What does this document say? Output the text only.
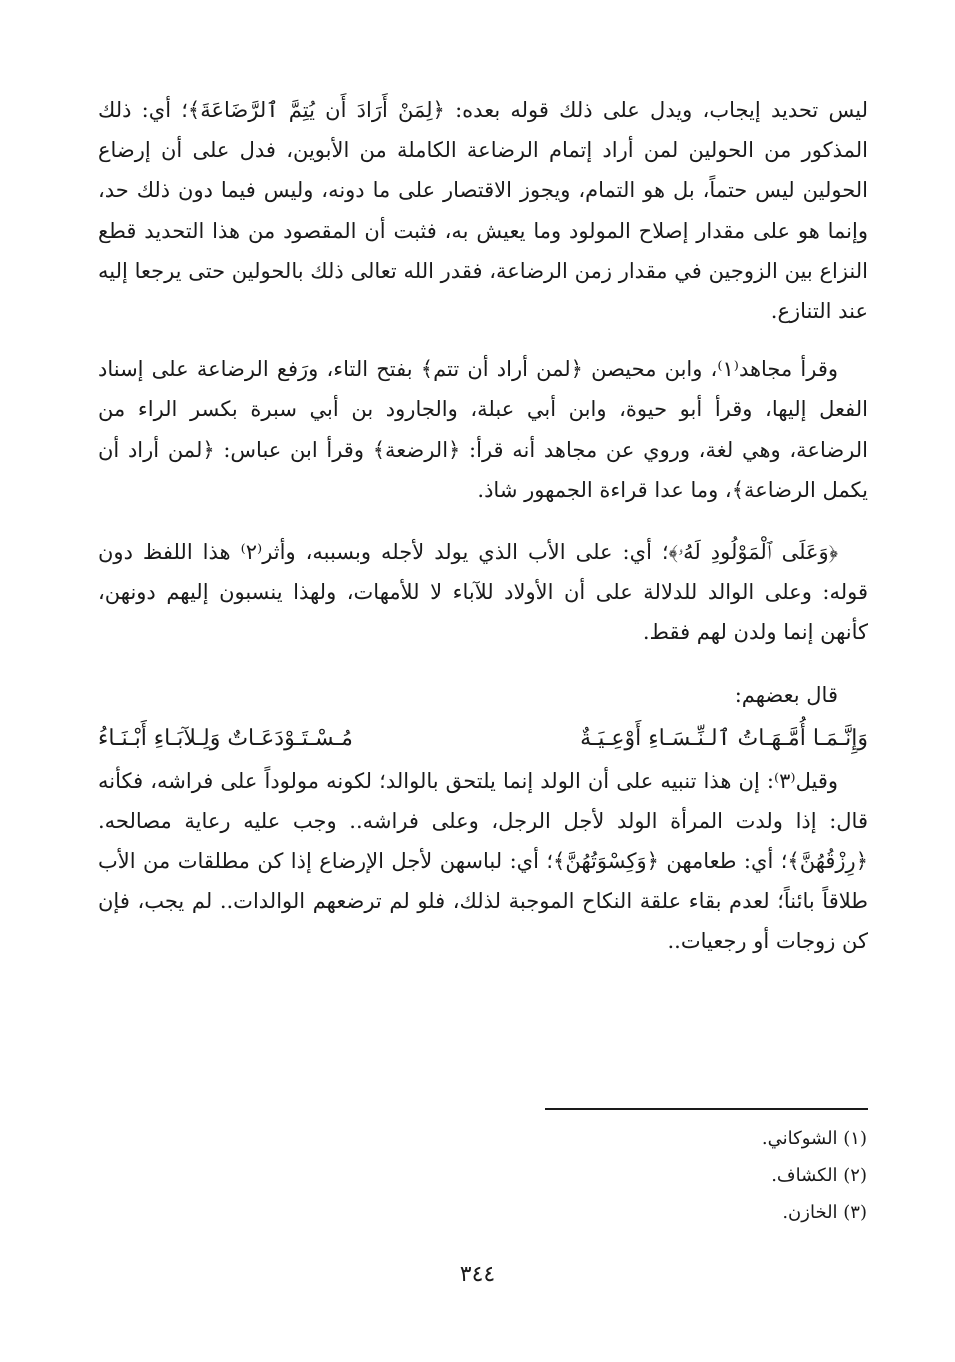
ليس تحديد إيجاب، ويدل على ذلك قوله بعده: ﴿لِمَنْ أَرَادَ أَن يُتِمَّ ٱلرَّضَاعَةَ﴾؛ أي: ذلك المذكور من الحولين لمن أراد إتمام الرضاعة الكاملة من الأبوين، فدل على أن إرضاع الحولين ليس حتماً، بل هو التمام، ويجوز الاقتصار على ما دونه، وليس فيما دون ذلك حد، وإنما هو على مقدار إصلاح المولود وما يعيش به، فثبت أن المقصود من هذا التحديد قطع النزاع بين الزوجين في مقدار زمن الرضاعة، فقدر الله تعالى ذلك بالحولين حتى يرجعا إليه عند التنازع.

وقرأ مجاهد⁽١⁾، وابن محيصن ﴿لمن أراد أن تتم﴾ بفتح التاء، ورَفع الرضاعة على إسناد الفعل إليها، وقرأ أبو حيوة، وابن أبي عبلة، والجارود بن أبي سبرة بكسر الراء من الرضاعة، وهي لغة، وروي عن مجاهد أنه قرأ: ﴿الرضعة﴾ وقرأ ابن عباس: ﴿لمن أراد أن يكمل الرضاعة﴾، وما عدا قراءة الجمهور شاذ.

﴿وَعَلَى ٱلْمَوْلُودِ لَهُۥ﴾؛ أي: على الأب الذي يولد لأجله وبسببه، وأثر⁽٢⁾ هذا اللفظ دون قوله: وعلى الوالد للدلالة على أن الأولاد للآباء لا للأمهات، ولهذا ينسبون إليهم دونهن، كأنهن إنما ولدن لهم فقط.

قال بعضهم:

وَإِنَّـمَـا أُمَّـهَـاتُ ٱلـنِّـسَـاءِ أَوْعِـيَـةٌ
مُـسْـتَـوْدَعَـاتٌ وَلِـلآبَـاءِ أَبْـنَـاءُ

وقيل⁽٣⁾: إن هذا تنبيه على أن الولد إنما يلتحق بالوالد؛ لكونه مولوداً على فراشه، فكأنه قال: إذا ولدت المرأة الولد لأجل الرجل، وعلى فراشه.. وجب عليه رعاية مصالحه. ﴿رِزْقُهُنَّ﴾؛ أي: طعامهن ﴿وَكِسْوَتُهُنَّ﴾؛ أي: لباسهن لأجل الإرضاع إذا كن مطلقات من الأب طلاقاً بائناً؛ لعدم بقاء علقة النكاح الموجبة لذلك، فلو لم ترضعهم الوالدات.. لم يجب، فإن كن زوجات أو رجعيات..

(١) الشوكاني.

(٢) الكشاف.

(٣) الخازن.

٣٤٤
